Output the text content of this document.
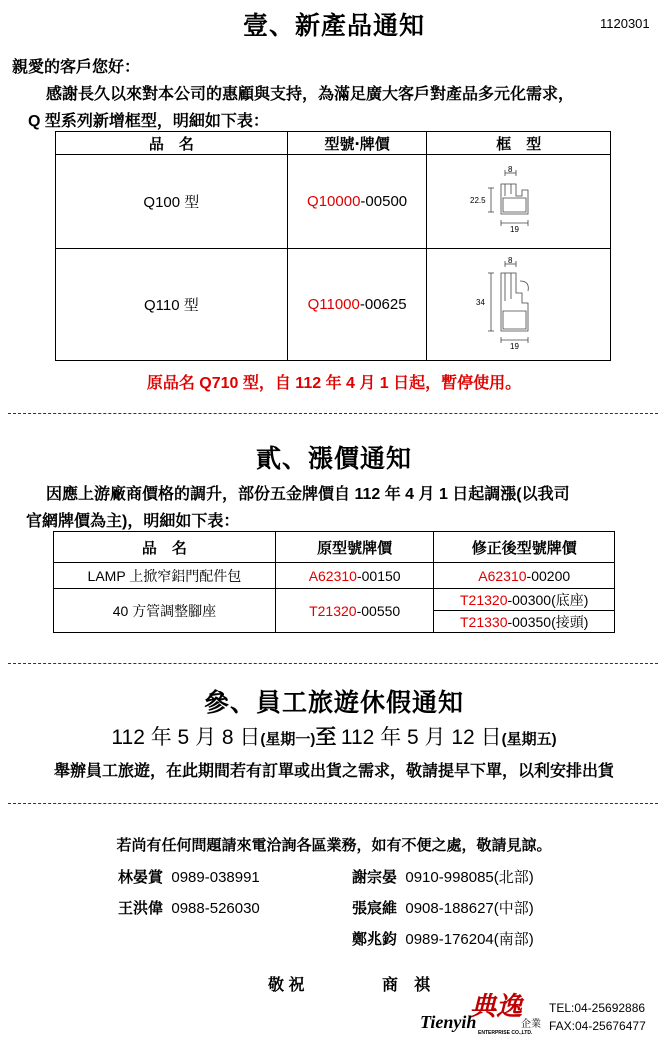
壹、新產品通知	1120301
親愛的客戶您好：
感謝長久以來對本公司的惠顧與支持，為滿足廣大客戶對產品多元化需求，
Q 型系列新增框型，明細如下表：
品　名	型號‧牌價	框　型
Q100 型	Q10000-00500	8
22.5
19

Q110 型	Q11000-00625	8
34
19
原品名 Q710 型，自 112 年 4 月 1 日起，暫停使用。
貳、漲價通知
因應上游廠商價格的調升，部份五金牌價自 112 年 4 月 1 日起調漲(以我司
官網牌價為主)，明細如下表：
品　名	原型號牌價	修正後型號牌價
LAMP 上掀窄鋁門配件包	A62310-00150	A62310-00200
40 方管調整腳座	T21320-00550	T21320-00300(底座)
		T21330-00350(接頭)
參、員工旅遊休假通知
112 年 5 月 8 日(星期一)至 112 年 5 月 12 日(星期五)
舉辦員工旅遊，在此期間若有訂單或出貨之需求，敬請提早下單，以利安排出貨
若尚有任何問題請來電洽詢各區業務，如有不便之處，敬請見諒。
林晏賞 0989-038991
王洪偉 0988-526030
謝宗晏 0910-998085(北部)
張宸維 0908-188627(中部)
鄭兆鈞 0989-176204(南部)
敬 祝	商　祺
典逸
Tienyih	企業
ENTERPRISE CO.,LTD.
TEL:04-25692886
FAX:04-25676477
